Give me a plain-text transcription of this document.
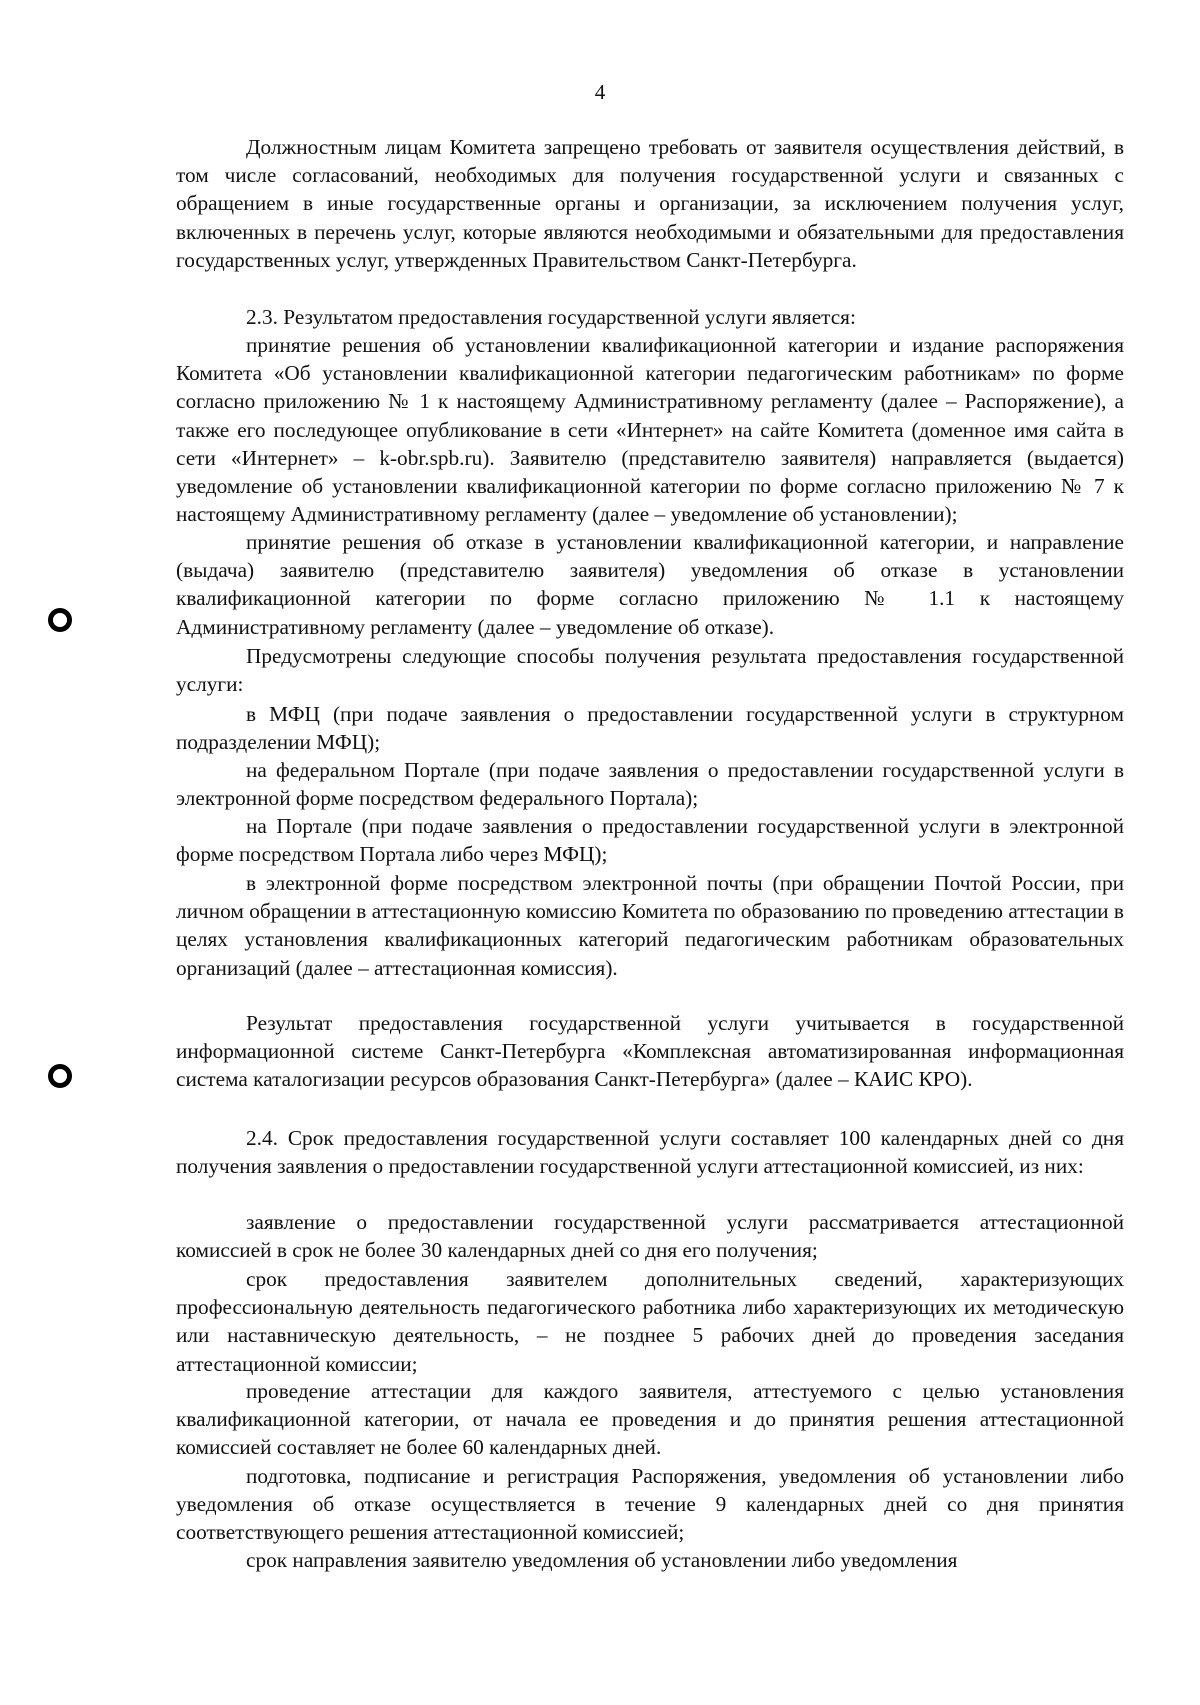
4

Должностным лицам Комитета запрещено требовать от заявителя осуществления действий, в том числе согласований, необходимых для получения государственной услуги и связанных с обращением в иные государственные органы и организации, за исключением получения услуг, включенных в перечень услуг, которые являются необходимыми и обязательными для предоставления государственных услуг, утвержденных Правительством Санкт-Петербурга.

2.3. Результатом предоставления государственной услуги является:

принятие решения об установлении квалификационной категории и издание распоряжения Комитета «Об установлении квалификационной категории педагогическим работникам» по форме согласно приложению № 1 к настоящему Административному регламенту (далее – Распоряжение), а также его последующее опубликование в сети «Интернет» на сайте Комитета (доменное имя сайта в сети «Интернет» – k-obr.spb.ru). Заявителю (представителю заявителя) направляется (выдается) уведомление об установлении квалификационной категории по форме согласно приложению № 7 к настоящему Административному регламенту (далее – уведомление об установлении);

принятие решения об отказе в установлении квалификационной категории, и направление (выдача) заявителю (представителю заявителя) уведомления об отказе в установлении квалификационной категории по форме согласно приложению № 1.1 к настоящему Административному регламенту (далее – уведомление об отказе).

Предусмотрены следующие способы получения результата предоставления государственной услуги:

в МФЦ (при подаче заявления о предоставлении государственной услуги в структурном подразделении МФЦ);

на федеральном Портале (при подаче заявления о предоставлении государственной услуги в электронной форме посредством федерального Портала);

на Портале (при подаче заявления о предоставлении государственной услуги в электронной форме посредством Портала либо через МФЦ);

в электронной форме посредством электронной почты (при обращении Почтой России, при личном обращении в аттестационную комиссию Комитета по образованию по проведению аттестации в целях установления квалификационных категорий педагогическим работникам образовательных организаций (далее – аттестационная комиссия).

Результат предоставления государственной услуги учитывается в государственной информационной системе Санкт-Петербурга «Комплексная автоматизированная информационная система каталогизации ресурсов образования Санкт-Петербурга» (далее – КАИС КРО).

2.4. Срок предоставления государственной услуги составляет 100 календарных дней со дня получения заявления о предоставлении государственной услуги аттестационной комиссией, из них:

заявление о предоставлении государственной услуги рассматривается аттестационной комиссией в срок не более 30 календарных дней со дня его получения;

срок предоставления заявителем дополнительных сведений, характеризующих профессиональную деятельность педагогического работника либо характеризующих их методическую или наставническую деятельность, – не позднее 5 рабочих дней до проведения заседания аттестационной комиссии;

проведение аттестации для каждого заявителя, аттестуемого с целью установления квалификационной категории, от начала ее проведения и до принятия решения аттестационной комиссией составляет не более 60 календарных дней.

подготовка, подписание и регистрация Распоряжения, уведомления об установлении либо уведомления об отказе осуществляется в течение 9 календарных дней со дня принятия соответствующего решения аттестационной комиссией;

срок направления заявителю уведомления об установлении либо уведомления
